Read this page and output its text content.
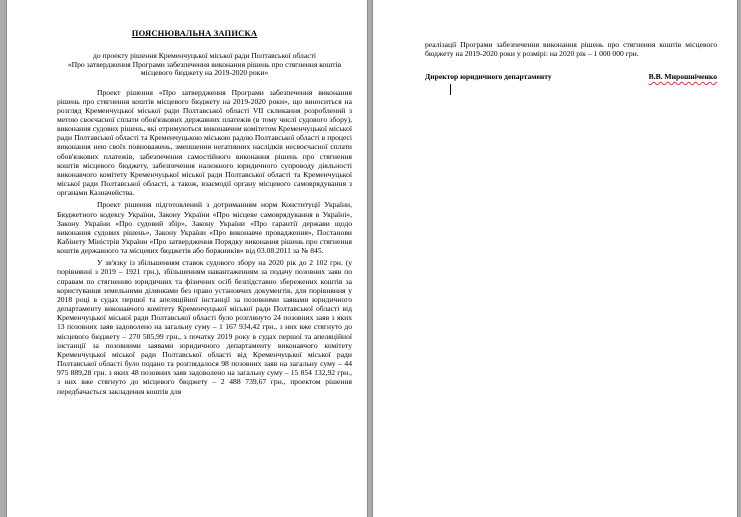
ПОЯСНЮВАЛЬНА ЗАПИСКА
до проекту рішення Кременчуцької міської ради Полтавської області
«Про затвердження Програми забезпечення виконання рішень про стягнення коштів місцевого бюджету на 2019-2020 роки»

Проект рішення «Про затвердження Програми забезпечення виконання рішень про стягнення коштів місцевого бюджету на 2019-2020 роки», що виноситься на розгляд Кременчуцької міської ради Полтавської області VII скликання розроблений з метою своєчасної сплати обов'язкових державних платежів (в тому числі судового збору), виконання судових рішень, які отримуються виконавчим комітетом Кременчуцької міської ради Полтавської області та Кременчуцькою міською радою Полтавської області в процесі виконання нею своїх повноважень, зменшення негативних наслідків несвоєчасної сплати обов'язкових платежів, забезпечення самостійного виконання рішень про стягнення коштів місцевого бюджету, забезпечення належного юридичного супроводу діяльності виконавчого комітету Кременчуцької міської ради Полтавської області та Кременчуцької міської ради Полтавської області, а також, взаємодії органу місцевого самоврядування з органами Казначейства.

Проект рішення підготовлений з дотриманням норм Конституції України, Бюджетного кодексу України, Закону України «Про місцеве самоврядування в Україні», Закону України «Про судовий збір», Закону України «Про гарантії держави щодо виконання судових рішень», Закону України «Про виконавче провадження», Постанови Кабінету Міністрів України «Про затвердження Порядку виконання рішень про стягнення коштів державного та місцевих бюджетів або боржників» від 03.08.2011 за № 845.

У зв'язку із збільшенням ставок судового збору на 2020 рік до 2 102 грн. (у порівнянні з 2019 – 1921 грн.), збільшенням навантаженням за подачу позовних заяв по справам по стягненню юридичних та фізичних осіб безпідставно збережених коштів за користування земельними ділянками без право установчих документів, для порівняння у 2018 році в судах першої та апеляційної інстанції за позовними заявами юридичного департаменту виконавчого комітету Кременчуцької міської ради Полтавської області від Кременчуцької міської ради Полтавської області було розглянуто 24 позовних заяв з яких 13 позовних заяв задоволено на загальну суму – 1 167 934,42 грн., з них вже стягнуто до місцевого бюджету – 270 585,99 грн., з початку 2019 року в судах першої та апеляційної інстанції за позовними заявами юридичного департаменту виконавчого комітету Кременчуцької міської ради Полтавської області від Кременчуцької міської ради Полтавської області було подано та розглядалося 98 позовних заяв на загальну суму – 44 975 889,28 грн. з яких 48 позовних заяв задоволено на загальну суму – 15 854 132,92 грн., з них вже стягнуто до місцевого бюджету – 2 488 739,67 грн., проектом рішення передбачається закладення коштів для

реалізації Програми забезпечення виконання рішень про стягнення коштів місцевого бюджету на 2019-2020 роки у розмірі: на 2020 рік – 1 000 000 грн.

Директор юридичного департаменту	В.В. Мирошніченко
